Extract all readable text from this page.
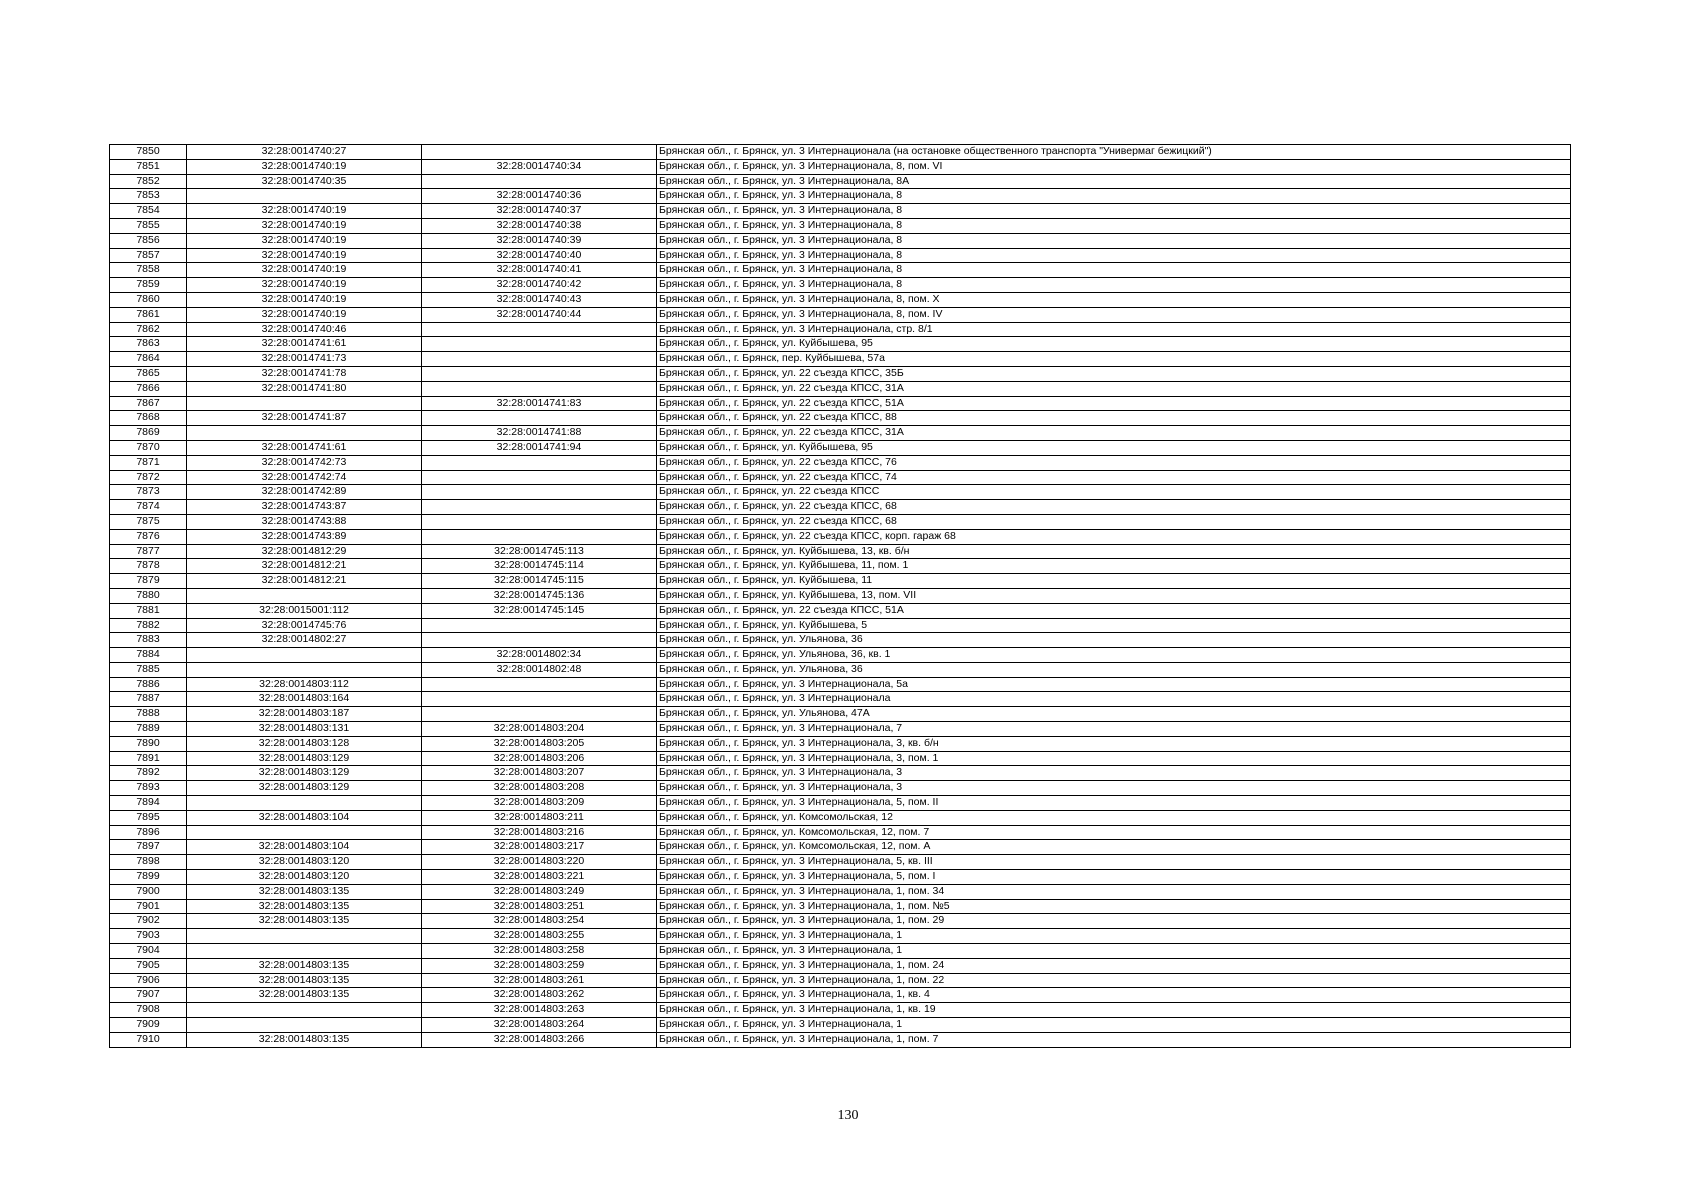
7850	32:28:0014740:27		Брянская обл., г. Брянск, ул. 3 Интернационала (на остановке общественного транспорта "Универмаг бежицкий")
7851	32:28:0014740:19	32:28:0014740:34	Брянская обл., г. Брянск, ул. 3 Интернационала, 8, пом. VI
7852	32:28:0014740:35		Брянская обл., г. Брянск, ул. 3 Интернационала, 8А
7853		32:28:0014740:36	Брянская обл., г. Брянск, ул. 3 Интернационала, 8
7854	32:28:0014740:19	32:28:0014740:37	Брянская обл., г. Брянск, ул. 3 Интернационала, 8
7855	32:28:0014740:19	32:28:0014740:38	Брянская обл., г. Брянск, ул. 3 Интернационала, 8
7856	32:28:0014740:19	32:28:0014740:39	Брянская обл., г. Брянск, ул. 3 Интернационала, 8
7857	32:28:0014740:19	32:28:0014740:40	Брянская обл., г. Брянск, ул. 3 Интернационала, 8
7858	32:28:0014740:19	32:28:0014740:41	Брянская обл., г. Брянск, ул. 3 Интернационала, 8
7859	32:28:0014740:19	32:28:0014740:42	Брянская обл., г. Брянск, ул. 3 Интернационала, 8
7860	32:28:0014740:19	32:28:0014740:43	Брянская обл., г. Брянск, ул. 3 Интернационала, 8, пом. X
7861	32:28:0014740:19	32:28:0014740:44	Брянская обл., г. Брянск, ул. 3 Интернационала, 8, пом. IV
7862	32:28:0014740:46		Брянская обл., г. Брянск, ул. 3 Интернационала, стр. 8/1
7863	32:28:0014741:61		Брянская обл., г. Брянск, ул. Куйбышева, 95
7864	32:28:0014741:73		Брянская обл., г. Брянск, пер. Куйбышева, 57а
7865	32:28:0014741:78		Брянская обл., г. Брянск, ул. 22 съезда КПСС, 35Б
7866	32:28:0014741:80		Брянская обл., г. Брянск, ул. 22 съезда КПСС, 31А
7867		32:28:0014741:83	Брянская обл., г. Брянск, ул. 22 съезда КПСС, 51А
7868	32:28:0014741:87		Брянская обл., г. Брянск, ул. 22 съезда КПСС, 88
7869		32:28:0014741:88	Брянская обл., г. Брянск, ул. 22 съезда КПСС, 31А
7870	32:28:0014741:61	32:28:0014741:94	Брянская обл., г. Брянск, ул. Куйбышева, 95
7871	32:28:0014742:73		Брянская обл., г. Брянск, ул. 22 съезда КПСС, 76
7872	32:28:0014742:74		Брянская обл., г. Брянск, ул. 22 съезда КПСС, 74
7873	32:28:0014742:89		Брянская обл., г. Брянск, ул. 22 съезда КПСС
7874	32:28:0014743:87		Брянская обл., г. Брянск, ул. 22 съезда КПСС, 68
7875	32:28:0014743:88		Брянская обл., г. Брянск, ул. 22 съезда КПСС, 68
7876	32:28:0014743:89		Брянская обл., г. Брянск, ул. 22 съезда КПСС, корп. гараж 68
7877	32:28:0014812:29	32:28:0014745:113	Брянская обл., г. Брянск, ул. Куйбышева, 13, кв. б/н
7878	32:28:0014812:21	32:28:0014745:114	Брянская обл., г. Брянск, ул. Куйбышева, 11, пом. 1
7879	32:28:0014812:21	32:28:0014745:115	Брянская обл., г. Брянск, ул. Куйбышева, 11
7880		32:28:0014745:136	Брянская обл., г. Брянск, ул. Куйбышева, 13, пом. VII
7881	32:28:0015001:112	32:28:0014745:145	Брянская обл., г. Брянск, ул. 22 съезда КПСС, 51А
7882	32:28:0014745:76		Брянская обл., г. Брянск, ул. Куйбышева, 5
7883	32:28:0014802:27		Брянская обл., г. Брянск, ул. Ульянова, 36
7884		32:28:0014802:34	Брянская обл., г. Брянск, ул. Ульянова, 36, кв. 1
7885		32:28:0014802:48	Брянская обл., г. Брянск, ул. Ульянова, 36
7886	32:28:0014803:112		Брянская обл., г. Брянск, ул. 3 Интернационала, 5а
7887	32:28:0014803:164		Брянская обл., г. Брянск, ул. 3 Интернационала
7888	32:28:0014803:187		Брянская обл., г. Брянск, ул. Ульянова, 47А
7889	32:28:0014803:131	32:28:0014803:204	Брянская обл., г. Брянск, ул. 3 Интернационала, 7
7890	32:28:0014803:128	32:28:0014803:205	Брянская обл., г. Брянск, ул. 3 Интернационала, 3, кв. б/н
7891	32:28:0014803:129	32:28:0014803:206	Брянская обл., г. Брянск, ул. 3 Интернационала, 3, пом. 1
7892	32:28:0014803:129	32:28:0014803:207	Брянская обл., г. Брянск, ул. 3 Интернационала, 3
7893	32:28:0014803:129	32:28:0014803:208	Брянская обл., г. Брянск, ул. 3 Интернационала, 3
7894		32:28:0014803:209	Брянская обл., г. Брянск, ул. 3 Интернационала, 5, пом. II
7895	32:28:0014803:104	32:28:0014803:211	Брянская обл., г. Брянск, ул. Комсомольская, 12
7896		32:28:0014803:216	Брянская обл., г. Брянск, ул. Комсомольская, 12, пом. 7
7897	32:28:0014803:104	32:28:0014803:217	Брянская обл., г. Брянск, ул. Комсомольская, 12, пом. А
7898	32:28:0014803:120	32:28:0014803:220	Брянская обл., г. Брянск, ул. 3 Интернационала, 5, кв. III
7899	32:28:0014803:120	32:28:0014803:221	Брянская обл., г. Брянск, ул. 3 Интернационала, 5, пом. I
7900	32:28:0014803:135	32:28:0014803:249	Брянская обл., г. Брянск, ул. 3 Интернационала, 1, пом. 34
7901	32:28:0014803:135	32:28:0014803:251	Брянская обл., г. Брянск, ул. 3 Интернационала, 1, пом. №5
7902	32:28:0014803:135	32:28:0014803:254	Брянская обл., г. Брянск, ул. 3 Интернационала, 1, пом. 29
7903		32:28:0014803:255	Брянская обл., г. Брянск, ул. 3 Интернационала, 1
7904		32:28:0014803:258	Брянская обл., г. Брянск, ул. 3 Интернационала, 1
7905	32:28:0014803:135	32:28:0014803:259	Брянская обл., г. Брянск, ул. 3 Интернационала, 1, пом. 24
7906	32:28:0014803:135	32:28:0014803:261	Брянская обл., г. Брянск, ул. 3 Интернационала, 1, пом. 22
7907	32:28:0014803:135	32:28:0014803:262	Брянская обл., г. Брянск, ул. 3 Интернационала, 1, кв. 4
7908		32:28:0014803:263	Брянская обл., г. Брянск, ул. 3 Интернационала, 1, кв. 19
7909		32:28:0014803:264	Брянская обл., г. Брянск, ул. 3 Интернационала, 1
7910	32:28:0014803:135	32:28:0014803:266	Брянская обл., г. Брянск, ул. 3 Интернационала, 1, пом. 7
130
